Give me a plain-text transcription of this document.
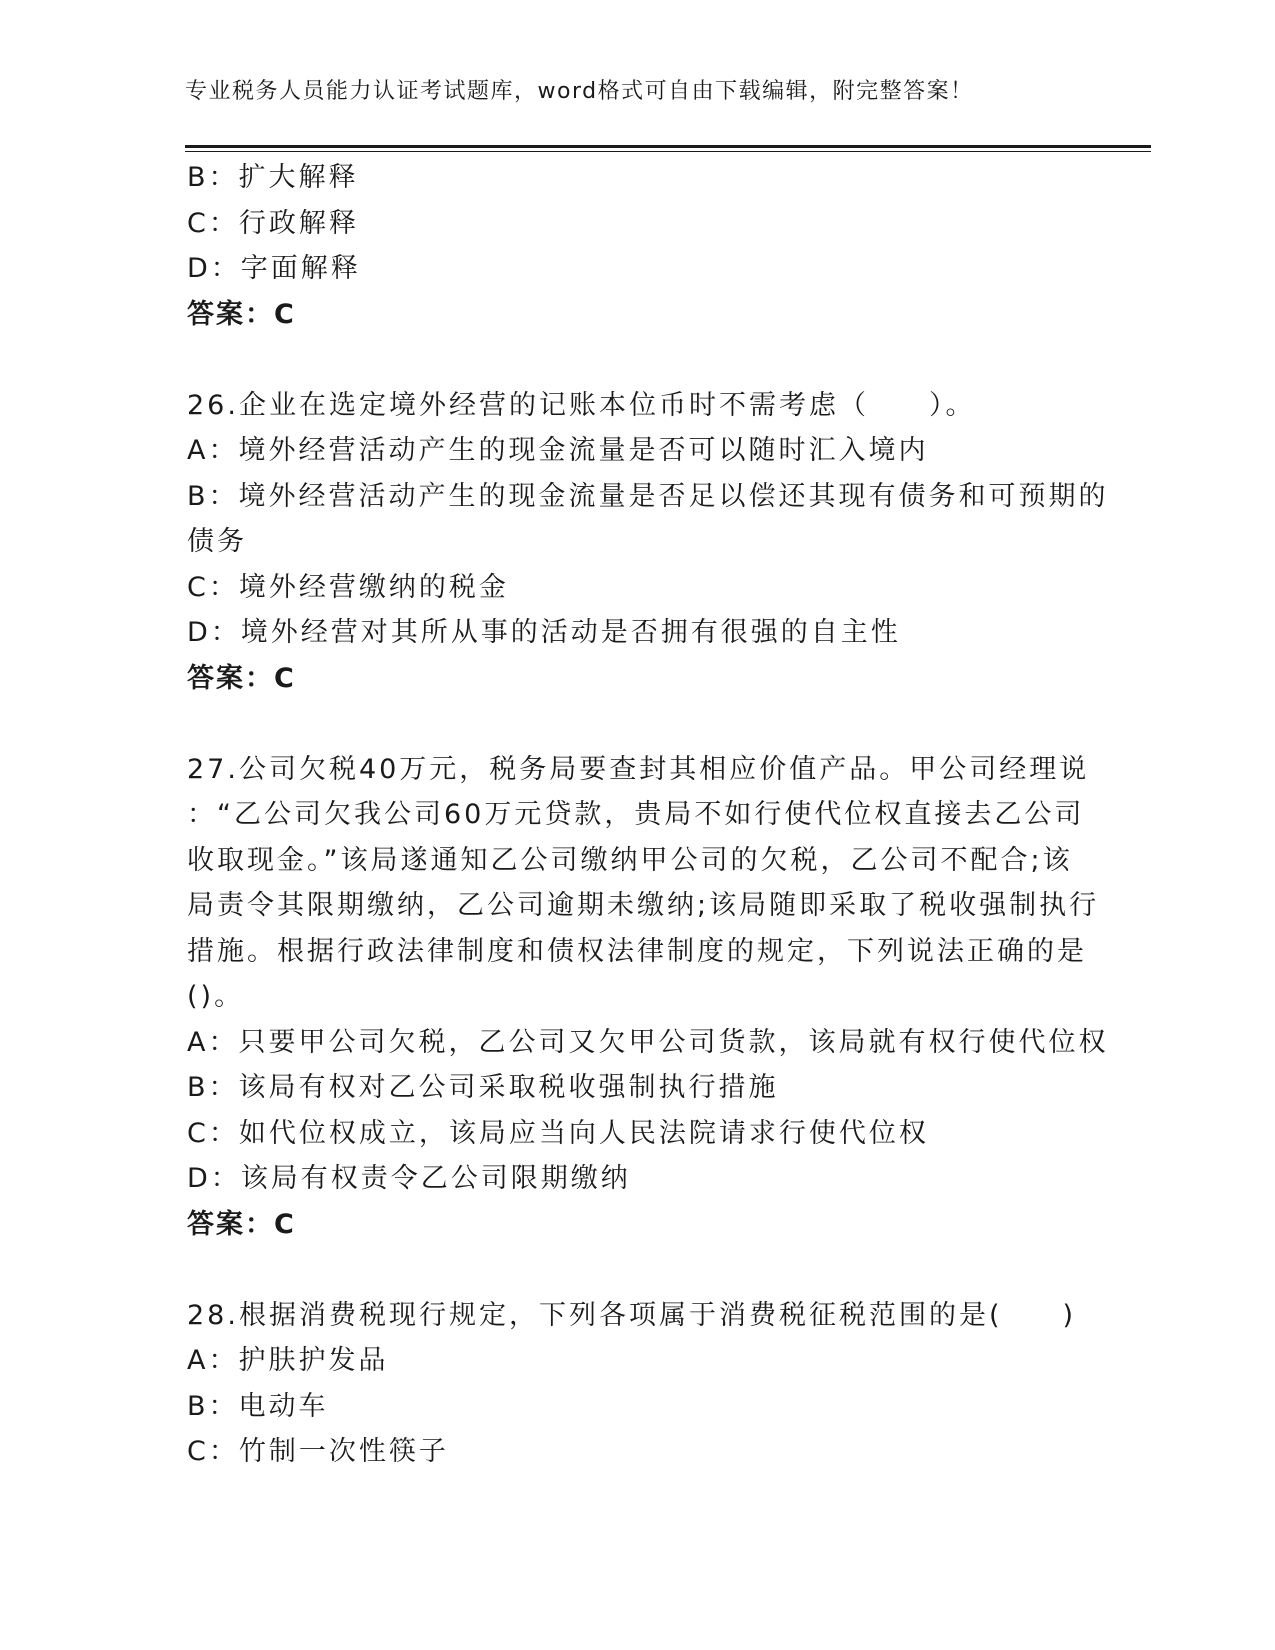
专业税务人员能力认证考试题库，word格式可自由下载编辑，附完整答案！
B：扩大解释
C：行政解释
D：字面解释
答案：C
26.企业在选定境外经营的记账本位币时不需考虑（　　）。
A：境外经营活动产生的现金流量是否可以随时汇入境内
B：境外经营活动产生的现金流量是否足以偿还其现有债务和可预期的
债务
C：境外经营缴纳的税金
D：境外经营对其所从事的活动是否拥有很强的自主性
答案：C
27.公司欠税40万元，税务局要查封其相应价值产品。甲公司经理说
：“乙公司欠我公司60万元贷款，贵局不如行使代位权直接去乙公司
收取现金。”该局遂通知乙公司缴纳甲公司的欠税，乙公司不配合;该
局责令其限期缴纳，乙公司逾期未缴纳;该局随即采取了税收强制执行
措施。根据行政法律制度和债权法律制度的规定，下列说法正确的是
()。
A：只要甲公司欠税，乙公司又欠甲公司货款，该局就有权行使代位权
B：该局有权对乙公司采取税收强制执行措施
C：如代位权成立，该局应当向人民法院请求行使代位权
D：该局有权责令乙公司限期缴纳
答案：C
28.根据消费税现行规定，下列各项属于消费税征税范围的是(　　)
A：护肤护发品
B：电动车
C：竹制一次性筷子
